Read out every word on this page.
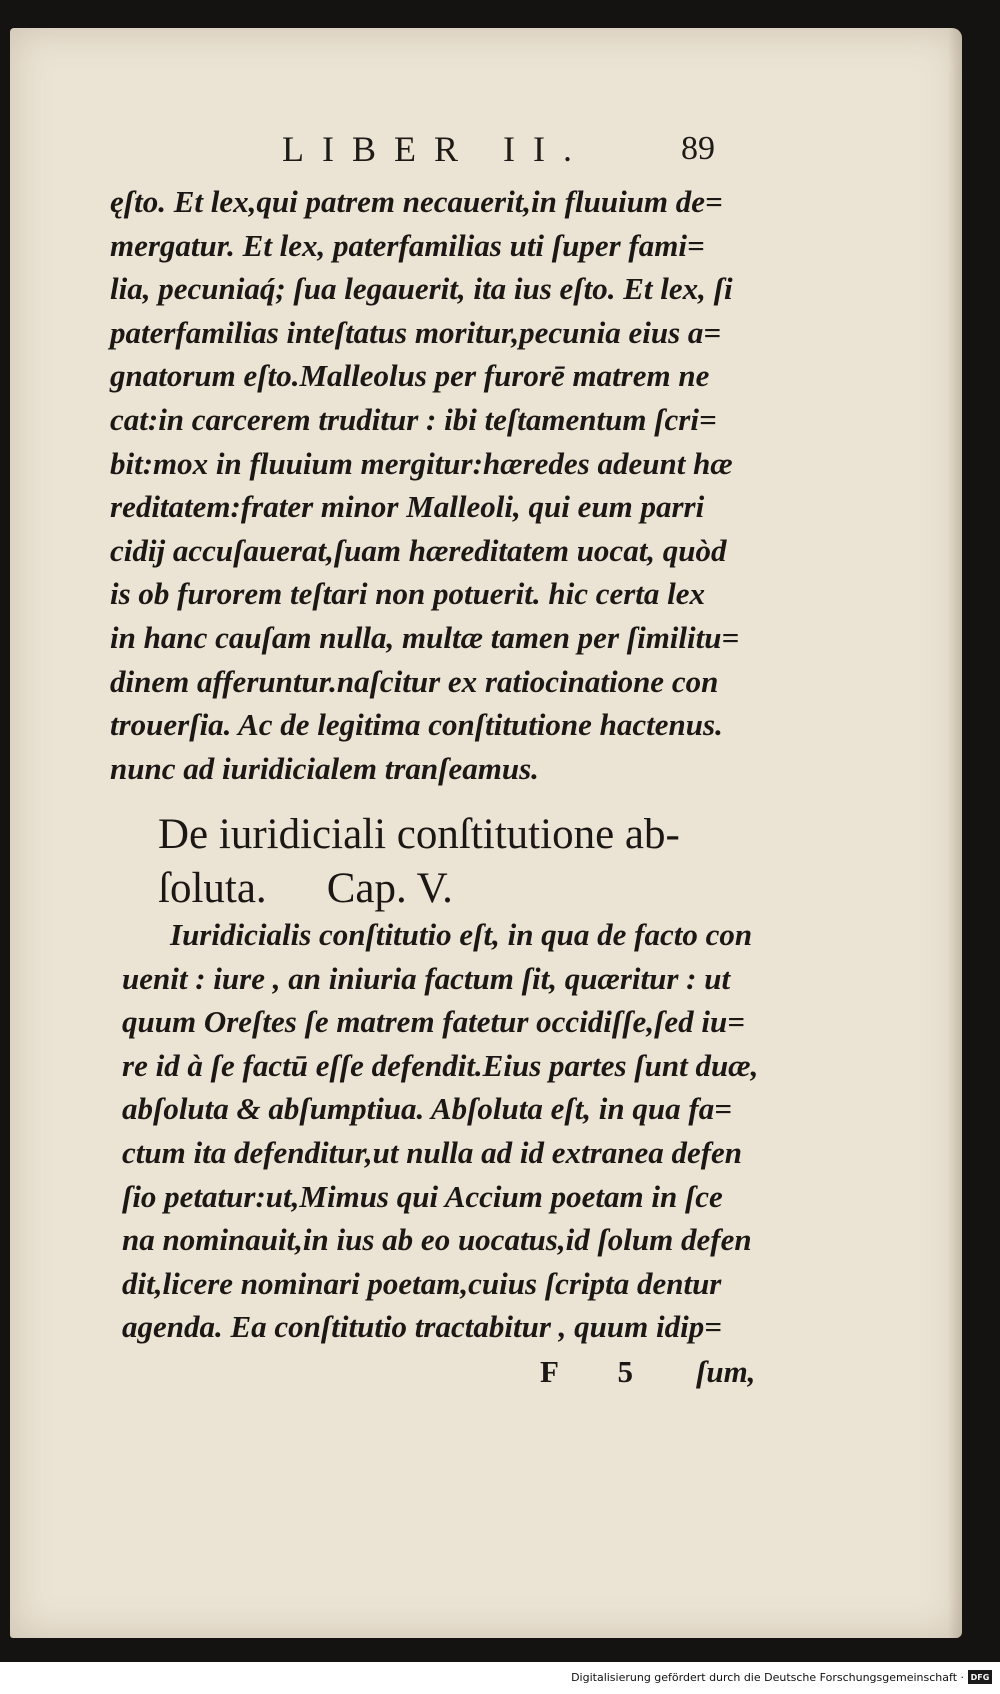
LIBER II.	89
ęſto. Et lex,qui patrem necauerit,in fluuium de=
mergatur. Et lex, paterfamilias uti ſuper fami=
lia, pecuniaq́; ſua legauerit, ita ius eſto. Et lex, ſi
paterfamilias inteſtatus moritur,pecunia eius a=
gnatorum eſto.Malleolus per furorē matrem ne
cat:in carcerem truditur : ibi teſtamentum ſcri=
bit:mox in fluuium mergitur:hæredes adeunt hæ
reditatem:frater minor Malleoli, qui eum parri
cidij accuſauerat,ſuam hæreditatem uocat, quòd
is ob furorem teſtari non potuerit. hic certa lex
in hanc cauſam nulla, multæ tamen per ſimilitu=
dinem afferuntur.naſcitur ex ratiocinatione con
trouerſia. Ac de legitima conſtitutione hactenus.
nunc ad iuridicialem tranſeamus.
De iuridiciali conſtitutione ab-
ſoluta. Cap. V.
Iuridicialis conſtitutio eſt, in qua de facto con
uenit : iure , an iniuria factum ſit, quæritur : ut
quum Oreſtes ſe matrem fatetur occidiſſe,ſed iu=
re id à ſe factū eſſe defendit.Eius partes ſunt duæ,
abſoluta & abſumptiua. Abſoluta eſt, in qua fa=
ctum ita defenditur,ut nulla ad id extranea defen
ſio petatur:ut,Mimus qui Accium poetam in ſce
na nominauit,in ius ab eo uocatus,id ſolum defen
dit,licere nominari poetam,cuius ſcripta dentur
agenda. Ea conſtitutio tractabitur , quum idip=
F 5 ſum,
Digitalisierung gefördert durch die Deutsche Forschungsgemeinschaft · DFG
